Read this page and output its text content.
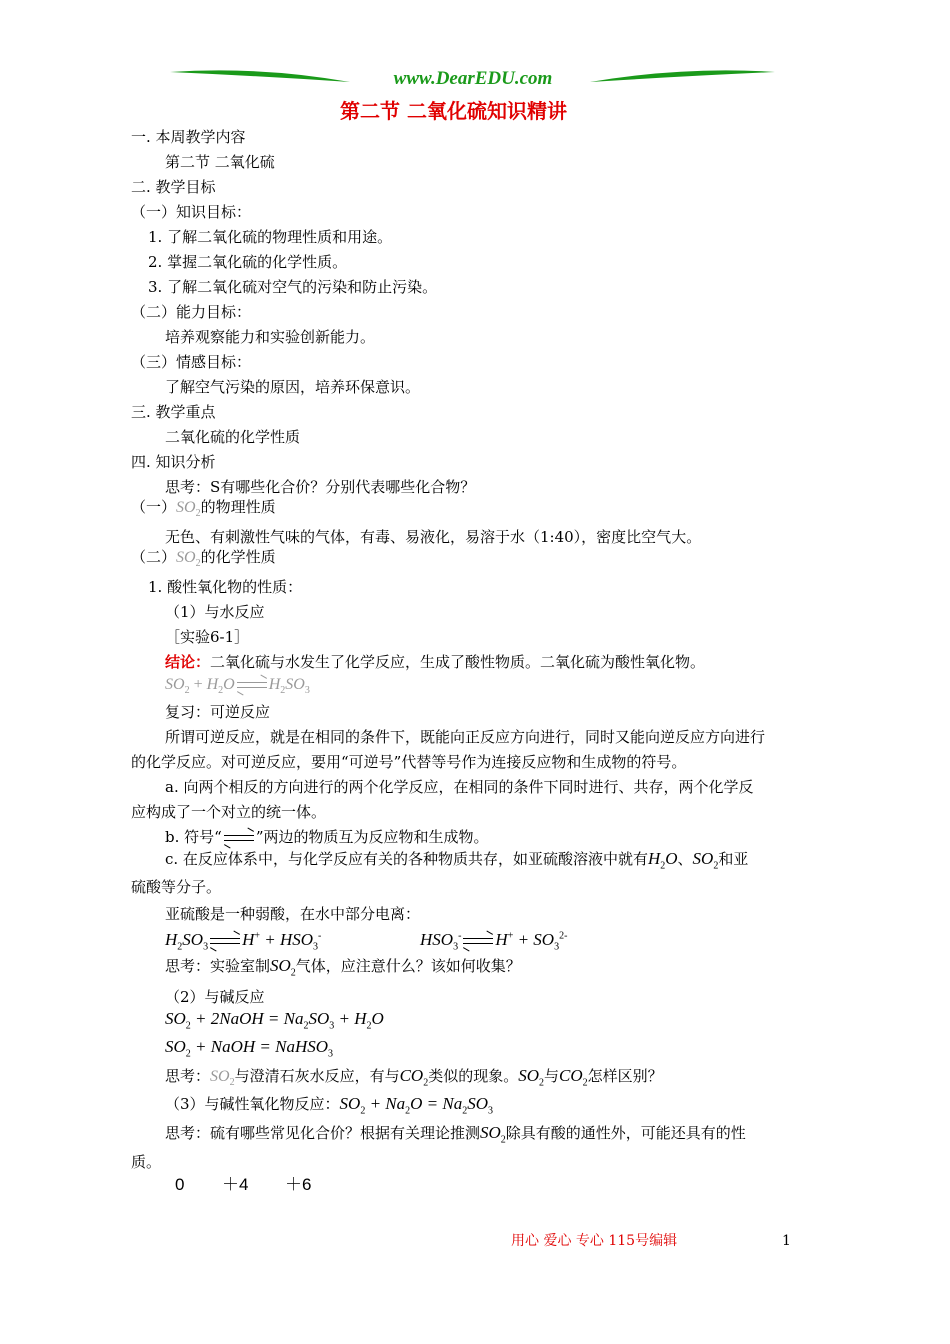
www.DearEDU.com
第二节 二氧化硫知识精讲
一. 本周教学内容
第二节 二氧化硫
二. 教学目标
（一）知识目标：
1. 了解二氧化硫的物理性质和用途。
2. 掌握二氧化硫的化学性质。
3. 了解二氧化硫对空气的污染和防止污染。
（二）能力目标：
培养观察能力和实验创新能力。
（三）情感目标：
了解空气污染的原因，培养环保意识。
三. 教学重点
二氧化硫的化学性质
四. 知识分析
思考：S有哪些化合价？分别代表哪些化合物？
（一）$SO_2$的物理性质
无色、有刺激性气味的气体，有毒、易液化，易溶于水（1:40），密度比空气大。
（二）$SO_2$的化学性质
1. 酸性氧化物的性质：
（1）与水反应
［实验6-1］
结论：二氧化硫与水发生了化学反应，生成了酸性物质。二氧化硫为酸性氧化物。
$SO_2 + H_2O$ $H_2SO_3$
复习：可逆反应
所谓可逆反应，就是在相同的条件下，既能向正反应方向进行，同时又能向逆反应方向进行
的化学反应。对可逆反应，要用“可逆号”代替等号作为连接反应物和生成物的符号。
a. 向两个相反的方向进行的两个化学反应，在相同的条件下同时进行、共存，两个化学反
应构成了一个对立的统一体。
b. 符号“ ”两边的物质互为反应物和生成物。
c. 在反应体系中，与化学反应有关的各种物质共存，如亚硫酸溶液中就有$H_2O$、$SO_2$和亚
硫酸等分子。
亚硫酸是一种弱酸，在水中部分电离：
$H_2SO_3$ $H^+ + HSO_3^-$	$HSO_3^-$ $H^+ + SO_3^{2-}$
思考：实验室制$SO_2$气体，应注意什么？该如何收集？
（2）与碱反应
$SO_2$ + 2NaOH = $Na_2SO_3 + H_2O$
$SO_2$ + NaOH = NaHSO$_3$
思考：$SO_2$与澄清石灰水反应，有与$CO_2$类似的现象。$SO_2$与$CO_2$怎样区别？
（3）与碱性氧化物反应：$SO_2 + Na_2O = Na_2SO_3$
思考：硫有哪些常见化合价？根据有关理论推测$SO_2$除具有酸的通性外，可能还具有的性
质。
0 ＋4 ＋6
用心 爱心 专心 115号编辑	1
